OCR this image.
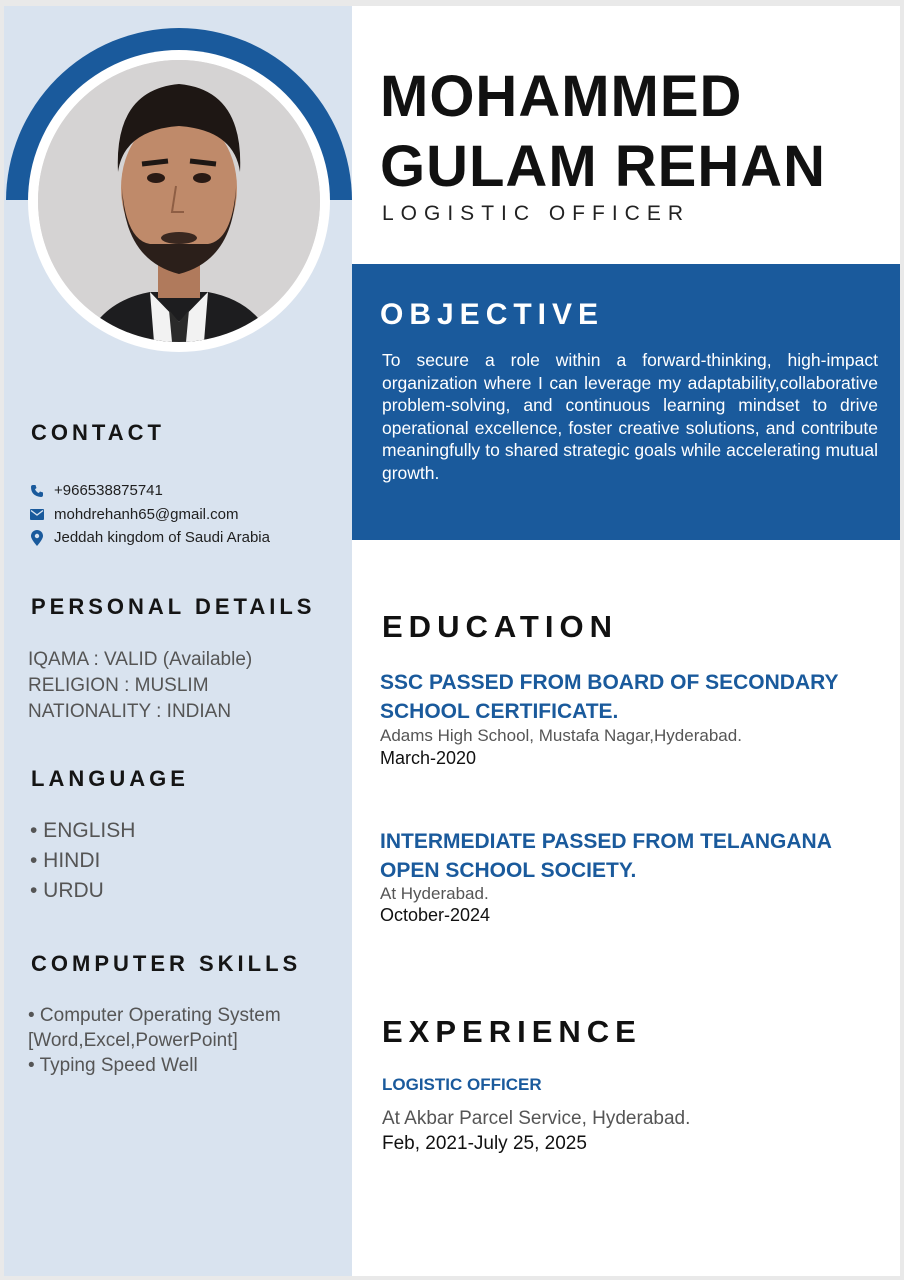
CONTACT
+966538875741
mohdrehanh65@gmail.com
Jeddah kingdom of Saudi Arabia
PERSONAL DETAILS
IQAMA : VALID (Available)
RELIGION : MUSLIM
NATIONALITY : INDIAN
LANGUAGE
• ENGLISH
• HINDI
• URDU
COMPUTER SKILLS
• Computer Operating System [Word,Excel,PowerPoint]
• Typing Speed Well
MOHAMMED
GULAM REHAN
LOGISTIC OFFICER
OBJECTIVE

To secure a role within a forward-thinking, high-impact organization where I can leverage my adaptability,collaborative problem-solving, and continuous learning mindset to drive operational excellence, foster creative solutions, and contribute meaningfully to shared strategic goals while accelerating mutual growth.

EDUCATION
SSC PASSED FROM BOARD OF SECONDARY SCHOOL CERTIFICATE.
Adams High School, Mustafa Nagar,Hyderabad.
March-2020
INTERMEDIATE PASSED FROM TELANGANA OPEN SCHOOL SOCIETY.
At Hyderabad.
October-2024
EXPERIENCE
LOGISTIC OFFICER
At Akbar Parcel Service, Hyderabad.
Feb, 2021-July 25, 2025
